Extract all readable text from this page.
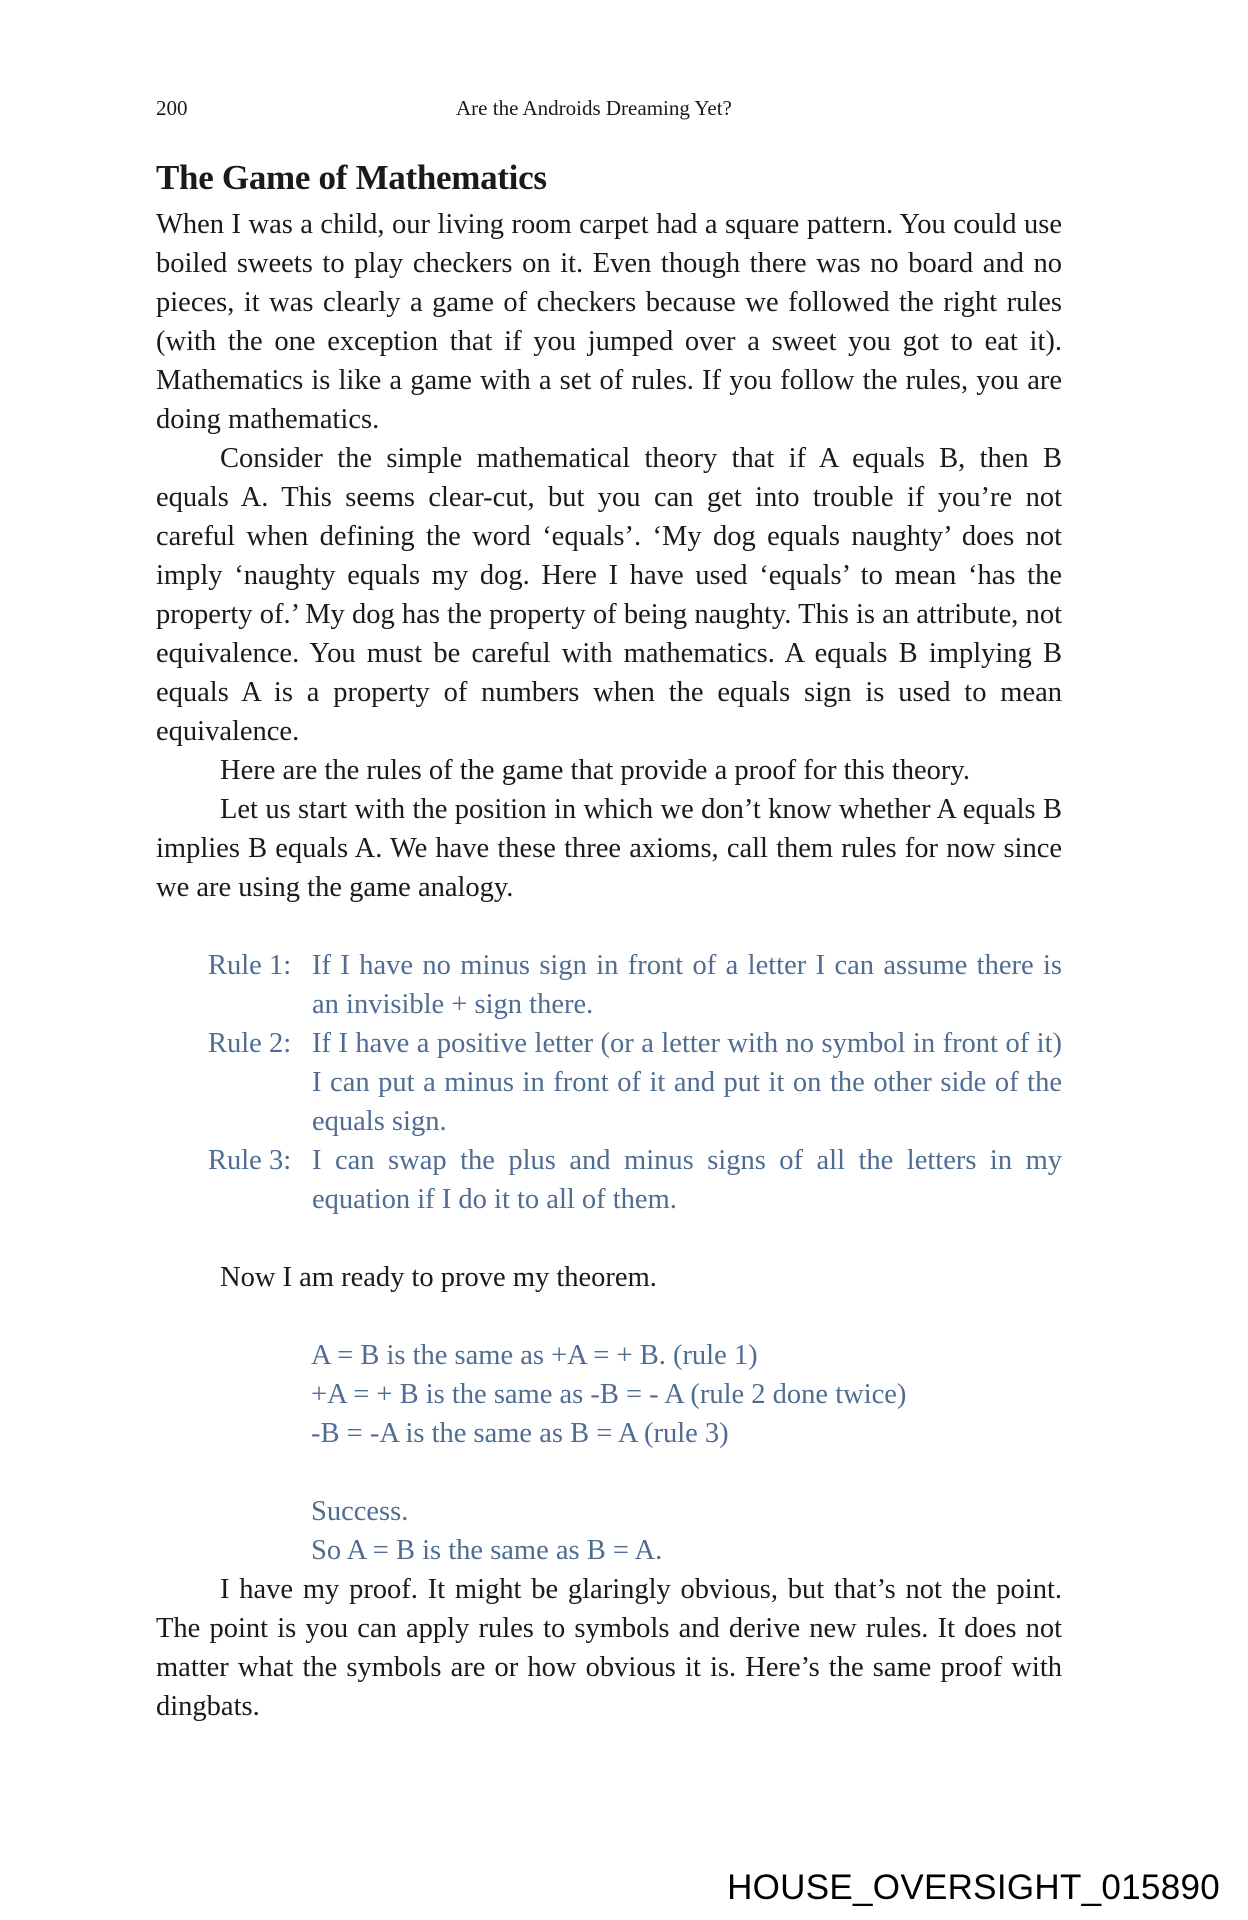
200	Are the Androids Dreaming Yet?
The Game of Mathematics

When I was a child, our living room carpet had a square pattern. You could use boiled sweets to play checkers on it. Even though there was no board and no pieces, it was clearly a game of checkers because we followed the right rules (with the one exception that if you jumped over a sweet you got to eat it). Mathematics is like a game with a set of rules. If you follow the rules, you are doing mathematics.

Consider the simple mathematical theory that if A equals B, then B equals A. This seems clear-cut, but you can get into trouble if you’re not careful when defining the word ‘equals’. ‘My dog equals naughty’ does not imply ‘naughty equals my dog. Here I have used ‘equals’ to mean ‘has the property of.’ My dog has the property of being naughty. This is an attribute, not equivalence. You must be careful with mathematics. A equals B implying B equals A is a property of numbers when the equals sign is used to mean equivalence.

Here are the rules of the game that provide a proof for this theory.

Let us start with the position in which we don’t know whether A equals B implies B equals A. We have these three axioms, call them rules for now since we are using the game analogy.

Rule 1: If I have no minus sign in front of a letter I can assume there is an invisible + sign there.
Rule 2: If I have a positive letter (or a letter with no symbol in front of it) I can put a minus in front of it and put it on the other side of the equals sign.
Rule 3: I can swap the plus and minus signs of all the letters in my equation if I do it to all of them.
Now I am ready to prove my theorem.
A = B is the same as +A = + B. (rule 1)
+A = + B is the same as -B = - A (rule 2 done twice)
-B = -A is the same as B = A (rule 3)
Success.
So A = B is the same as B = A.

I have my proof. It might be glaringly obvious, but that’s not the point. The point is you can apply rules to symbols and derive new rules. It does not matter what the symbols are or how obvious it is. Here’s the same proof with dingbats.

HOUSE_OVERSIGHT_015890
